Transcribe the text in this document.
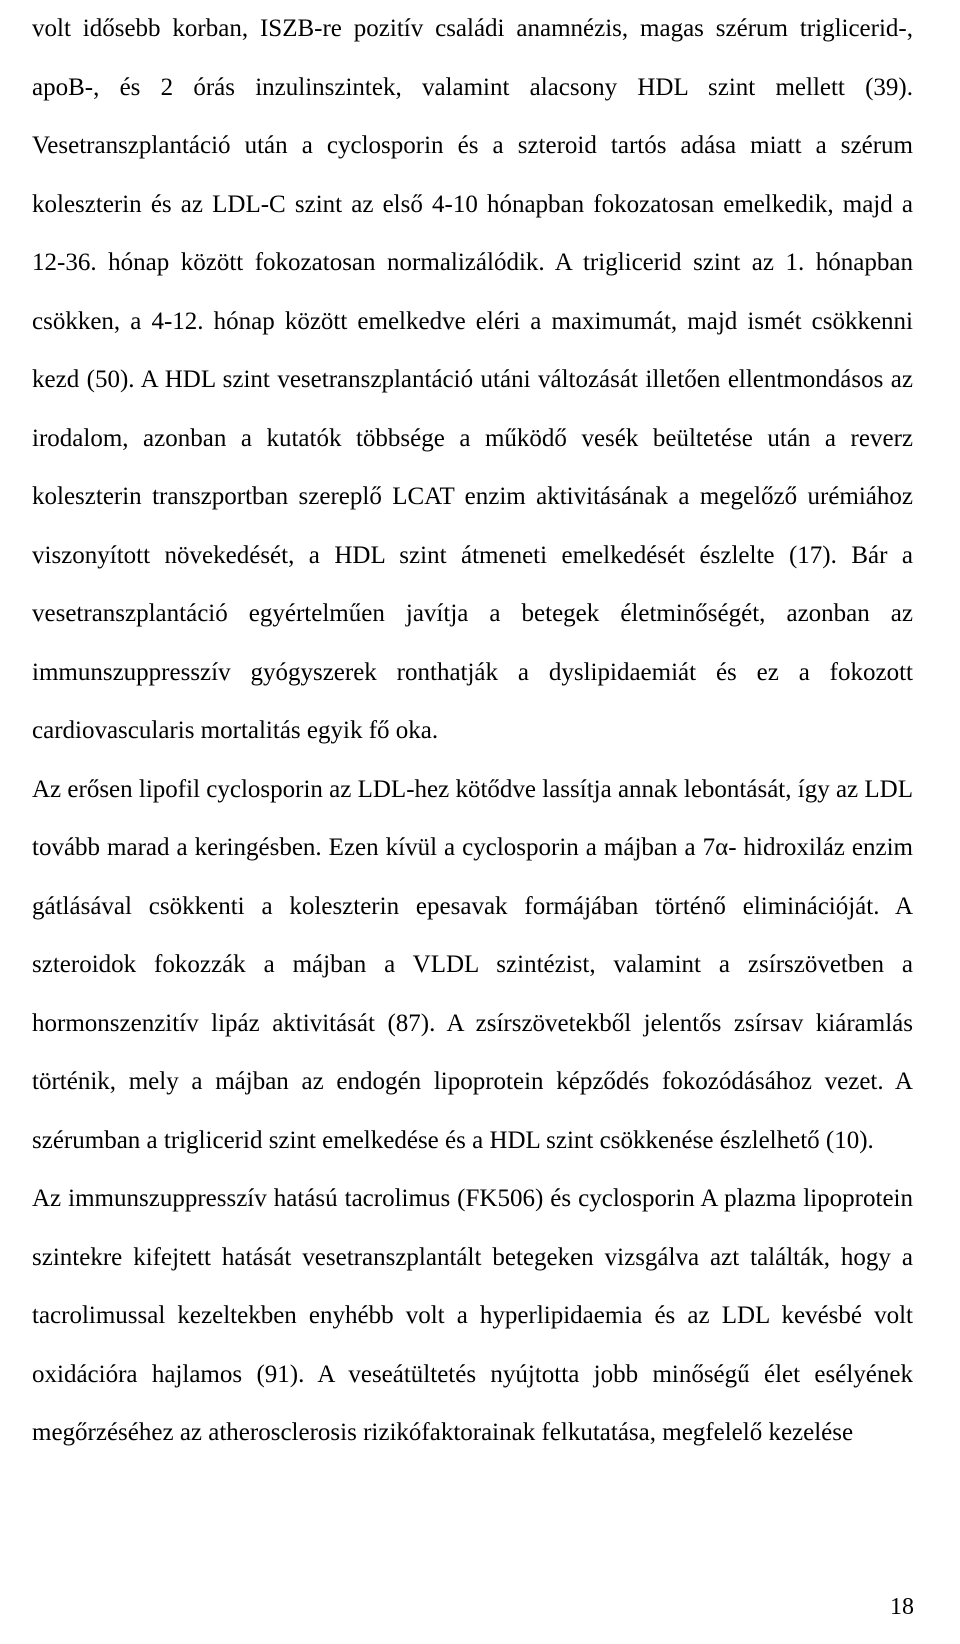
volt idősebb korban, ISZB-re pozitív családi anamnézis, magas szérum triglicerid-, apoB-, és 2 órás inzulinszintek, valamint alacsony HDL szint mellett (39). Vesetranszplantáció után a cyclosporin és a szteroid tartós adása miatt a szérum koleszterin és az LDL-C szint az első 4-10 hónapban fokozatosan emelkedik, majd a 12-36. hónap között fokozatosan normalizálódik. A triglicerid szint az 1. hónapban csökken, a 4-12. hónap között emelkedve eléri a maximumát, majd ismét csökkenni kezd (50). A HDL szint vesetranszplantáció utáni változását illetően ellentmondásos az irodalom, azonban a kutatók többsége a működő vesék beültetése után a reverz koleszterin transzportban szereplő LCAT enzim aktivitásának a megelőző urémiához viszonyított növekedését, a HDL szint átmeneti emelkedését észlelte (17). Bár a vesetranszplantáció egyértelműen javítja a betegek életminőségét, azonban az immunszuppresszív gyógyszerek ronthatják a dyslipidaemiát és ez a fokozott cardiovascularis mortalitás egyik fő oka.

Az erősen lipofil cyclosporin az LDL-hez kötődve lassítja annak lebontását, így az LDL tovább marad a keringésben. Ezen kívül a cyclosporin a májban a 7α- hidroxiláz enzim gátlásával csökkenti a koleszterin epesavak formájában történő eliminációját. A szteroidok fokozzák a májban a VLDL szintézist, valamint a zsírszövetben a hormonszenzitív lipáz aktivitását (87). A zsírszövetekből jelentős zsírsav kiáramlás történik, mely a májban az endogén lipoprotein képződés fokozódásához vezet. A szérumban a triglicerid szint emelkedése és a HDL szint csökkenése észlelhető (10).

Az immunszuppresszív hatású tacrolimus (FK506) és cyclosporin A plazma lipoprotein szintekre kifejtett hatását vesetranszplantált betegeken vizsgálva azt találták, hogy a tacrolimussal kezeltekben enyhébb volt a hyperlipidaemia és az LDL kevésbé volt oxidációra hajlamos (91). A veseátültetés nyújtotta jobb minőségű élet esélyének megőrzéséhez az atherosclerosis rizikófaktorainak felkutatása, megfelelő kezelése

18
